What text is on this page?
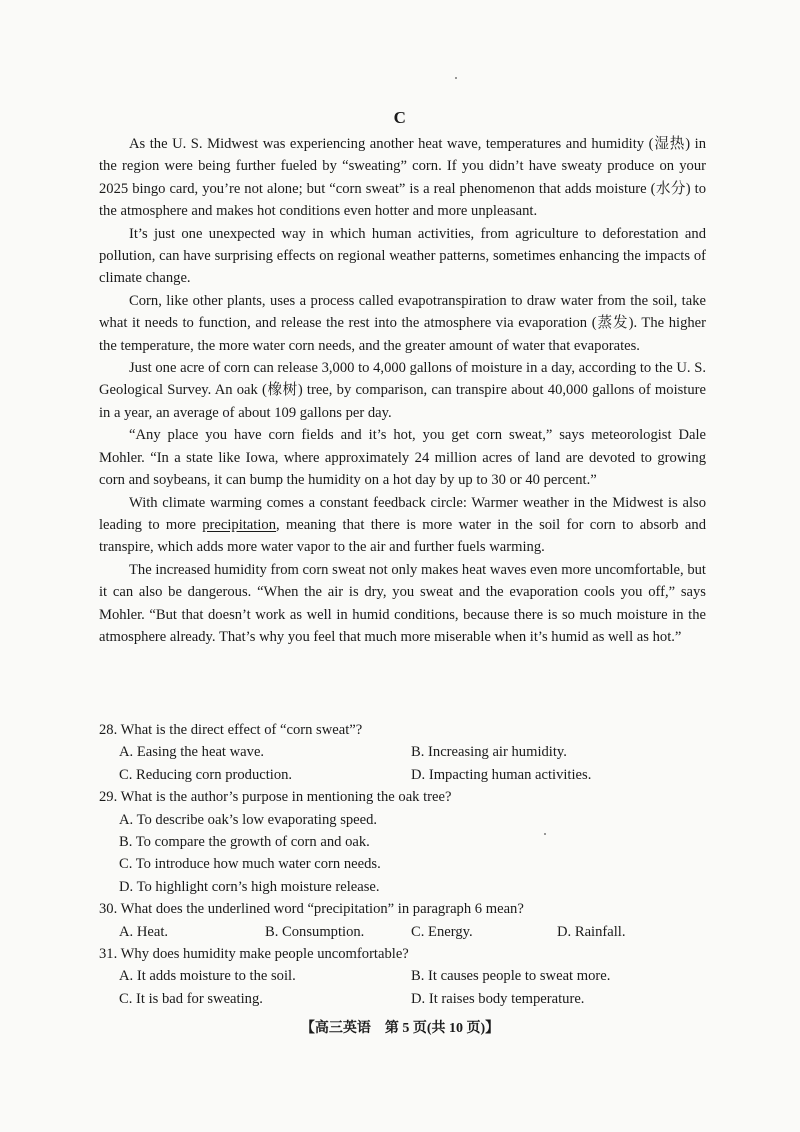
C

As the U. S. Midwest was experiencing another heat wave, temperatures and humidity (湿热) in the region were being further fueled by “sweating” corn. If you didn’t have sweaty produce on your 2025 bingo card, you’re not alone; but “corn sweat” is a real phenomenon that adds moisture (水分) to the atmosphere and makes hot conditions even hotter and more unpleasant.

It’s just one unexpected way in which human activities, from agriculture to deforestation and pollution, can have surprising effects on regional weather patterns, sometimes enhancing the impacts of climate change.

Corn, like other plants, uses a process called evapotranspiration to draw water from the soil, take what it needs to function, and release the rest into the atmosphere via evaporation (蒸发). The higher the temperature, the more water corn needs, and the greater amount of water that evaporates.

Just one acre of corn can release 3,000 to 4,000 gallons of moisture in a day, according to the U. S. Geological Survey. An oak (橡树) tree, by comparison, can transpire about 40,000 gallons of moisture in a year, an average of about 109 gallons per day.

“Any place you have corn fields and it’s hot, you get corn sweat,” says meteorologist Dale Mohler. “In a state like Iowa, where approximately 24 million acres of land are devoted to growing corn and soybeans, it can bump the humidity on a hot day by up to 30 or 40 percent.”

With climate warming comes a constant feedback circle: Warmer weather in the Midwest is also leading to more precipitation, meaning that there is more water in the soil for corn to absorb and transpire, which adds more water vapor to the air and further fuels warming.

The increased humidity from corn sweat not only makes heat waves even more uncomfortable, but it can also be dangerous. “When the air is dry, you sweat and the evaporation cools you off,” says Mohler. “But that doesn’t work as well in humid conditions, because there is so much moisture in the atmosphere already. That’s why you feel that much more miserable when it’s humid as well as hot.”

28. What is the direct effect of “corn sweat”?

A. Easing the heat wave.	B. Increasing air humidity.

C. Reducing corn production.	D. Impacting human activities.

29. What is the author’s purpose in mentioning the oak tree?

A. To describe oak’s low evaporating speed.

B. To compare the growth of corn and oak.

C. To introduce how much water corn needs.

D. To highlight corn’s high moisture release.

30. What does the underlined word “precipitation” in paragraph 6 mean?

A. Heat.	B. Consumption.	C. Energy.	D. Rainfall.

31. Why does humidity make people uncomfortable?

A. It adds moisture to the soil.	B. It causes people to sweat more.

C. It is bad for sweating.	D. It raises body temperature.

【高三英语　第 5 页(共 10 页)】
